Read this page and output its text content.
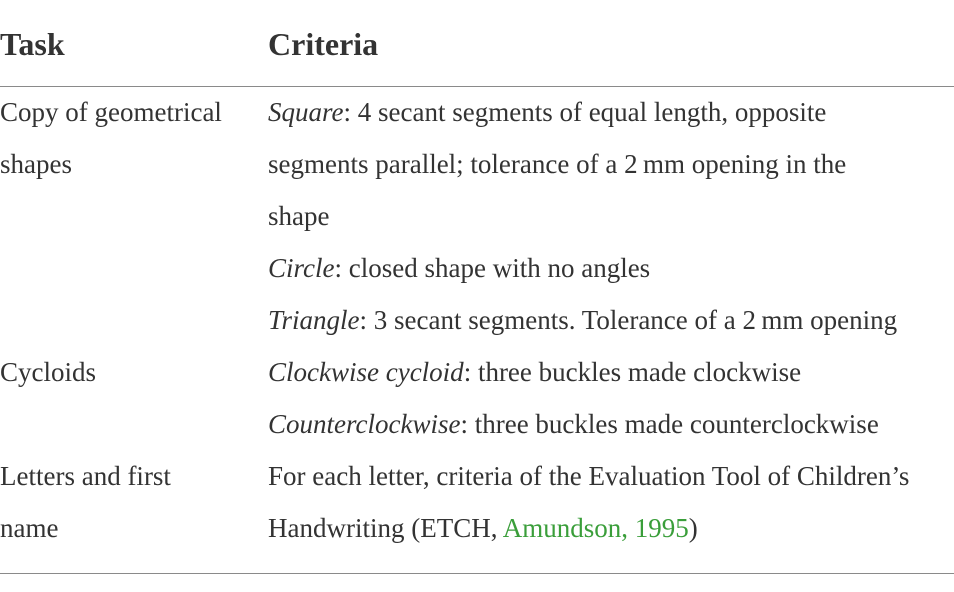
Task	Criteria
Copy of geometrical
shapes
Square: 4 secant segments of equal length, opposite
segments parallel; tolerance of a 2 mm opening in the
shape
Circle: closed shape with no angles
Triangle: 3 secant segments. Tolerance of a 2 mm opening
Cycloids	Clockwise cycloid: three buckles made clockwise
Counterclockwise: three buckles made counterclockwise
Letters and first
name
For each letter, criteria of the Evaluation Tool of Children’s
Handwriting (ETCH, Amundson, 1995)
